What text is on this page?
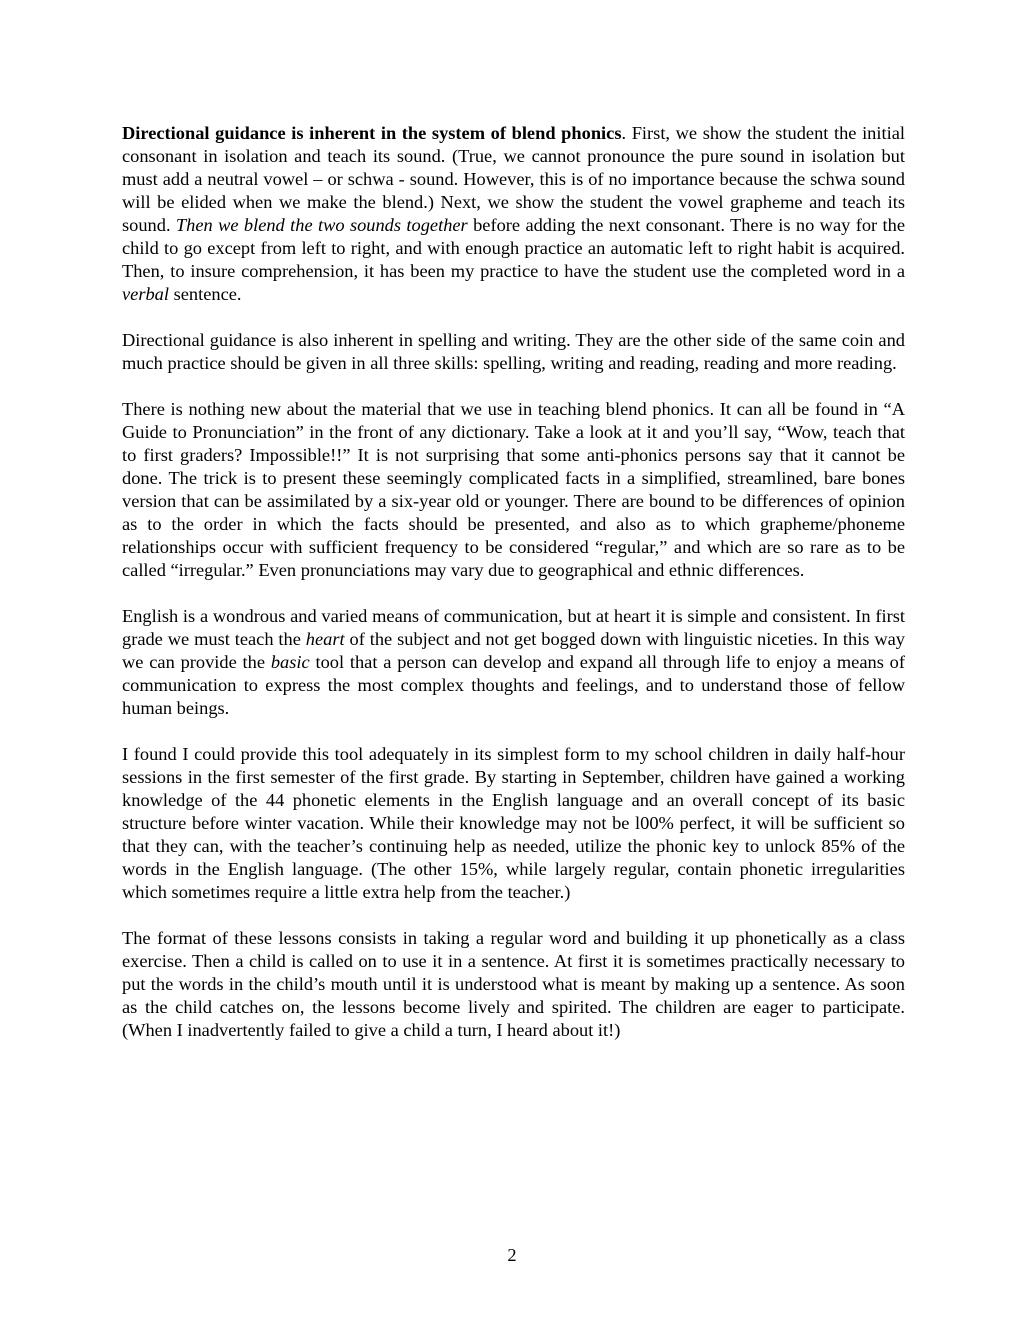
Directional guidance is inherent in the system of blend phonics. First, we show the student the initial consonant in isolation and teach its sound. (True, we cannot pronounce the pure sound in isolation but must add a neutral vowel – or schwa - sound. However, this is of no importance because the schwa sound will be elided when we make the blend.) Next, we show the student the vowel grapheme and teach its sound. Then we blend the two sounds together before adding the next consonant. There is no way for the child to go except from left to right, and with enough practice an automatic left to right habit is acquired. Then, to insure comprehension, it has been my practice to have the student use the completed word in a verbal sentence.

Directional guidance is also inherent in spelling and writing. They are the other side of the same coin and much practice should be given in all three skills: spelling, writing and reading, reading and more reading.

There is nothing new about the material that we use in teaching blend phonics. It can all be found in “A Guide to Pronunciation” in the front of any dictionary. Take a look at it and you’ll say, “Wow, teach that to first graders? Impossible!!” It is not surprising that some anti-phonics persons say that it cannot be done. The trick is to present these seemingly complicated facts in a simplified, streamlined, bare bones version that can be assimilated by a six-year old or younger. There are bound to be differences of opinion as to the order in which the facts should be presented, and also as to which grapheme/phoneme relationships occur with sufficient frequency to be considered “regular,” and which are so rare as to be called “irregular.” Even pronunciations may vary due to geographical and ethnic differences.

English is a wondrous and varied means of communication, but at heart it is simple and consistent. In first grade we must teach the heart of the subject and not get bogged down with linguistic niceties. In this way we can provide the basic tool that a person can develop and expand all through life to enjoy a means of communication to express the most complex thoughts and feelings, and to understand those of fellow human beings.

I found I could provide this tool adequately in its simplest form to my school children in daily half-hour sessions in the first semester of the first grade. By starting in September, children have gained a working knowledge of the 44 phonetic elements in the English language and an overall concept of its basic structure before winter vacation. While their knowledge may not be l00% perfect, it will be sufficient so that they can, with the teacher’s continuing help as needed, utilize the phonic key to unlock 85% of the words in the English language. (The other 15%, while largely regular, contain phonetic irregularities which sometimes require a little extra help from the teacher.)

The format of these lessons consists in taking a regular word and building it up phonetically as a class exercise. Then a child is called on to use it in a sentence. At first it is sometimes practically necessary to put the words in the child’s mouth until it is understood what is meant by making up a sentence. As soon as the child catches on, the lessons become lively and spirited. The children are eager to participate. (When I inadvertently failed to give a child a turn, I heard about it!)

2
